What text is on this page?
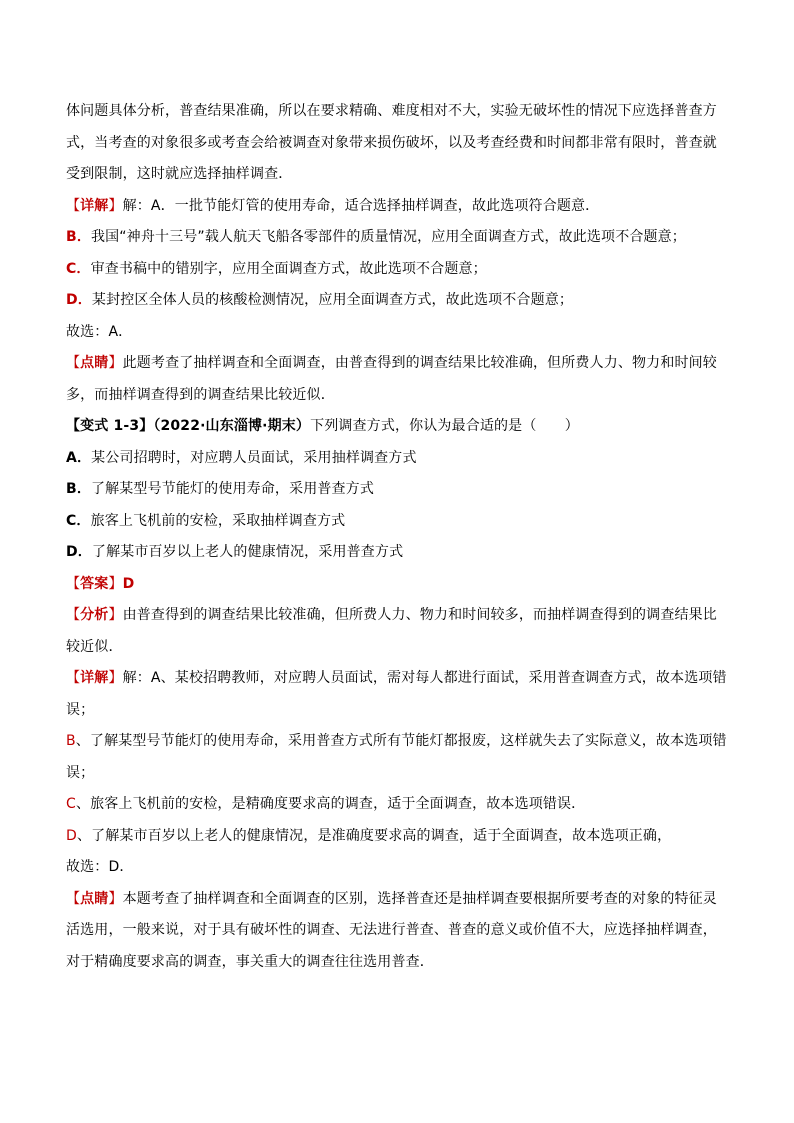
体问题具体分析，普查结果准确，所以在要求精确、难度相对不大，实验无破坏性的情况下应选择普查方
式，当考查的对象很多或考查会给被调查对象带来损伤破坏，以及考查经费和时间都非常有限时，普查就
受到限制，这时就应选择抽样调查．
【详解】解：A．一批节能灯管的使用寿命，适合选择抽样调查，故此选项符合题意．
B．我国“神舟十三号”载人航天飞船各零部件的质量情况，应用全面调查方式，故此选项不合题意；
C．审查书稿中的错别字，应用全面调查方式，故此选项不合题意；
D．某封控区全体人员的核酸检测情况，应用全面调查方式，故此选项不合题意；
故选：A．
【点睛】此题考查了抽样调查和全面调查，由普查得到的调查结果比较准确，但所费人力、物力和时间较
多，而抽样调查得到的调查结果比较近似．
【变式 1-3】（2022·山东淄博·期末）下列调查方式，你认为最合适的是（　　）
A．某公司招聘时，对应聘人员面试，采用抽样调查方式
B．了解某型号节能灯的使用寿命，采用普查方式
C．旅客上飞机前的安检，采取抽样调查方式
D．了解某市百岁以上老人的健康情况，采用普查方式
【答案】D
【分析】由普查得到的调查结果比较准确，但所费人力、物力和时间较多，而抽样调查得到的调查结果比
较近似．
【详解】解：A、某校招聘教师，对应聘人员面试，需对每人都进行面试，采用普查调查方式，故本选项错
误；
B、了解某型号节能灯的使用寿命，采用普查方式所有节能灯都报废，这样就失去了实际意义，故本选项错
误；
C、旅客上飞机前的安检，是精确度要求高的调查，适于全面调查，故本选项错误．
D、了解某市百岁以上老人的健康情况，是准确度要求高的调查，适于全面调查，故本选项正确，
故选：D．
【点睛】本题考查了抽样调查和全面调查的区别，选择普查还是抽样调查要根据所要考查的对象的特征灵
活选用，一般来说，对于具有破坏性的调查、无法进行普查、普查的意义或价值不大，应选择抽样调查，
对于精确度要求高的调查，事关重大的调查往往选用普查．
